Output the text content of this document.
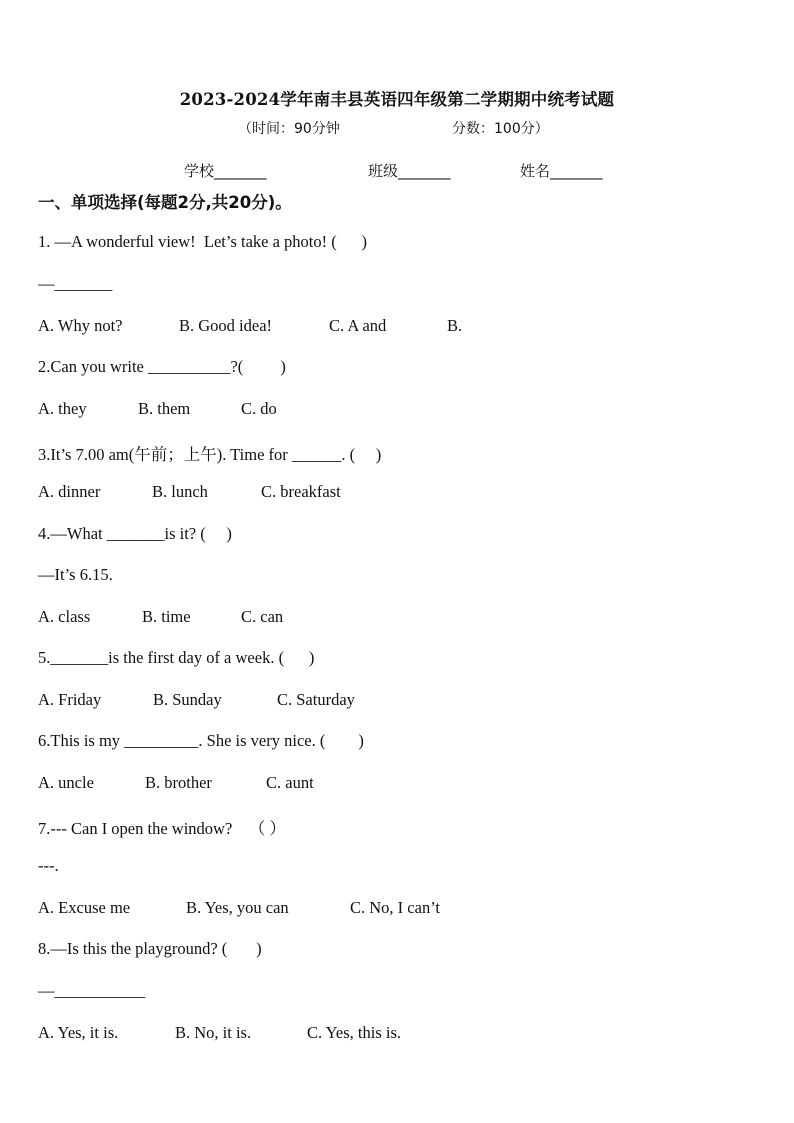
2023-2024学年南丰县英语四年级第二学期期中统考试题
（时间：90分钟	分数：100分）
学校_______	班级_______	姓名_______
一、单项选择(每题2分,共20分)。
1. —A wonderful view!  Let’s take a photo! (      )
—_______
A. Why not?	B. Good idea!	C. A and	B.
2.Can you write __________?(         )
A. they	B. them	C. do
3.It’s 7.00 am(午前；上午). Time for ______. (     )
A. dinner	B. lunch	C. breakfast
4.—What _______is it? (     )
—It’s 6.15.
A. class	B. time	C. can
5._______is the first day of a week. (      )
A. Friday	B. Sunday	C. Saturday
6.This is my _________. She is very nice. (        )
A. uncle	B. brother	C. aunt
7.--- Can I open the window?    （ ）
---.
A. Excuse me	B. Yes, you can	C. No, I can’t
8.—Is this the playground? (       )
—___________
A. Yes, it is.	B. No, it is.	C. Yes, this is.
